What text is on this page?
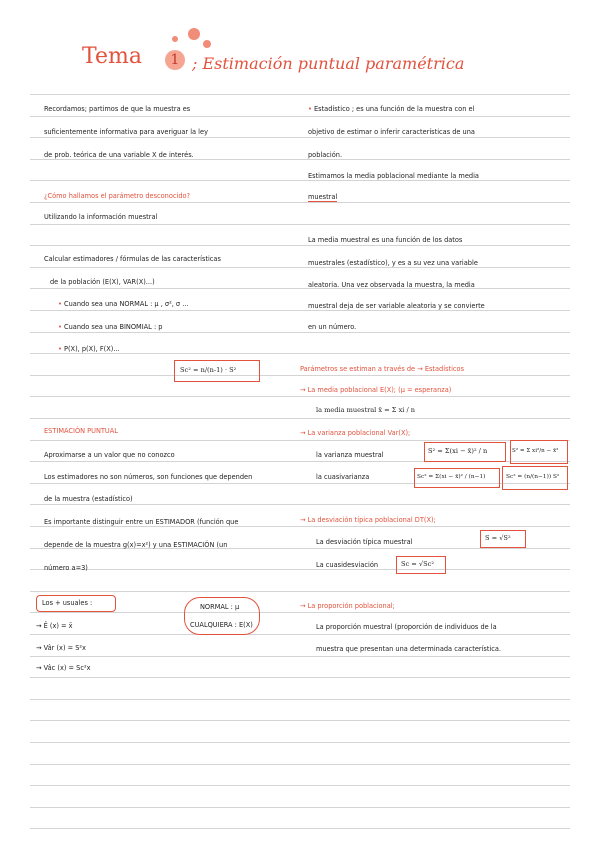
Tema	1 ; Estimación puntual paramétrica
Recordamos; partimos de que la muestra es
suficientemente informativa para averiguar la ley
de prob. teórica de una variable X de interés.
¿Cómo hallamos el parámetro desconocido?
Utilizando la información muestral
Calcular estimadores / fórmulas de las características
de la población (E(X), VAR(X)...)
• Cuando sea una NORMAL : μ , σ², σ ...
• Cuando sea una BINOMIAL : p
• P(X), p(X), F(X)...
Sc² = n/(n-1) · S²
ESTIMACIÓN PUNTUAL
Aproximarse a un valor que no conozco
Los estimadores no son números, son funciones que dependen
de la muestra (estadístico)
Es importante distinguir entre un ESTIMADOR (función que
depende de la muestra g(x)=x²) y una ESTIMACIÓN (un
número a=3)
Los + usuales :
→ Ê (x) = x̄
→ Vâr (x) = S²x
→ Vâc (x) = Sc²x
NORMAL : μ
CUALQUIERA : E(X)
• Estadístico ; es una función de la muestra con el
objetivo de estimar o inferir características de una
población.
Estimamos la media poblacional mediante la media
muestral
La media muestral es una función de los datos
muestrales (estadístico), y es a su vez una variable
aleatoria. Una vez observada la muestra, la media
muestral deja de ser variable aleatoria y se convierte
en un número.
Parámetros se estiman a través de → Estadísticos
→ La media poblacional E(X); (μ = esperanza)
la media muestral x̄ = Σ xi / n
→ La varianza poblacional Var(X);
la varianza muestral	S² = Σ(xi − x̄)² / n	S² = Σ xi²/n − x̄²
la cuasivarianza	Sc² = Σ(xi − x̄)² / (n−1)	Sc² = (n/(n−1)) S²
→ La desviación típica poblacional DT(X);
La desviación típica muestral	S = √S²
La cuasidesviación	Sc = √Sc²
→ La proporción poblacional;
La proporción muestral (proporción de individuos de la
muestra que presentan una determinada característica.
